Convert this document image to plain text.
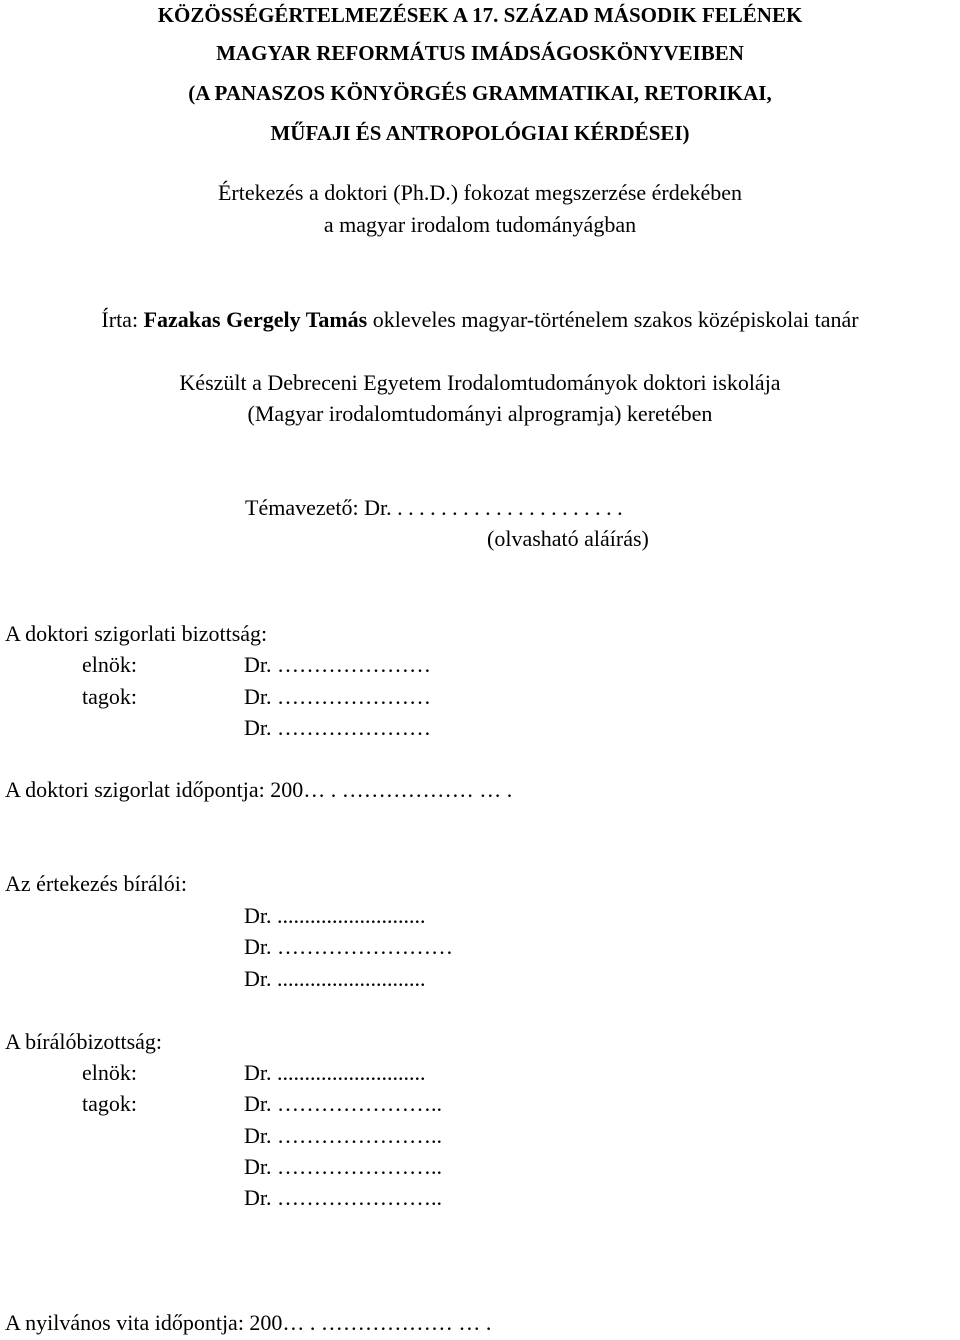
KÖZÖSSÉGÉRTELMEZÉSEK A 17. SZÁZAD MÁSODIK FELÉNEK

MAGYAR REFORMÁTUS IMÁDSÁGOSKÖNYVEIBEN

(A PANASZOS KÖNYÖRGÉS GRAMMATIKAI, RETORIKAI,

MŰFAJI ÉS ANTROPOLÓGIAI KÉRDÉSEI)

Értekezés a doktori (Ph.D.) fokozat megszerzése érdekében

a magyar irodalom tudományágban

Írta: Fazakas Gergely Tamás okleveles magyar-történelem szakos középiskolai tanár

Készült a Debreceni Egyetem Irodalomtudományok doktori iskolája

(Magyar irodalomtudományi alprogramja) keretében

Témavezető: Dr. . . . . . . . . . . . . . . . . . . . . .

(olvasható aláírás)

A doktori szigorlati bizottság:

elnök:	Dr. …………………

tagok:	Dr. …………………

Dr. …………………

A doktori szigorlat időpontja: 200… . ……………… … .

Az értekezés bírálói:

Dr. ...........................

Dr. ……………………

Dr. ...........................

A bírálóbizottság:

elnök:	Dr. ...........................

tagok:	Dr. …………………..

Dr. …………………..

Dr. …………………..

Dr. …………………..

A nyilvános vita időpontja: 200… . ……………… … .
